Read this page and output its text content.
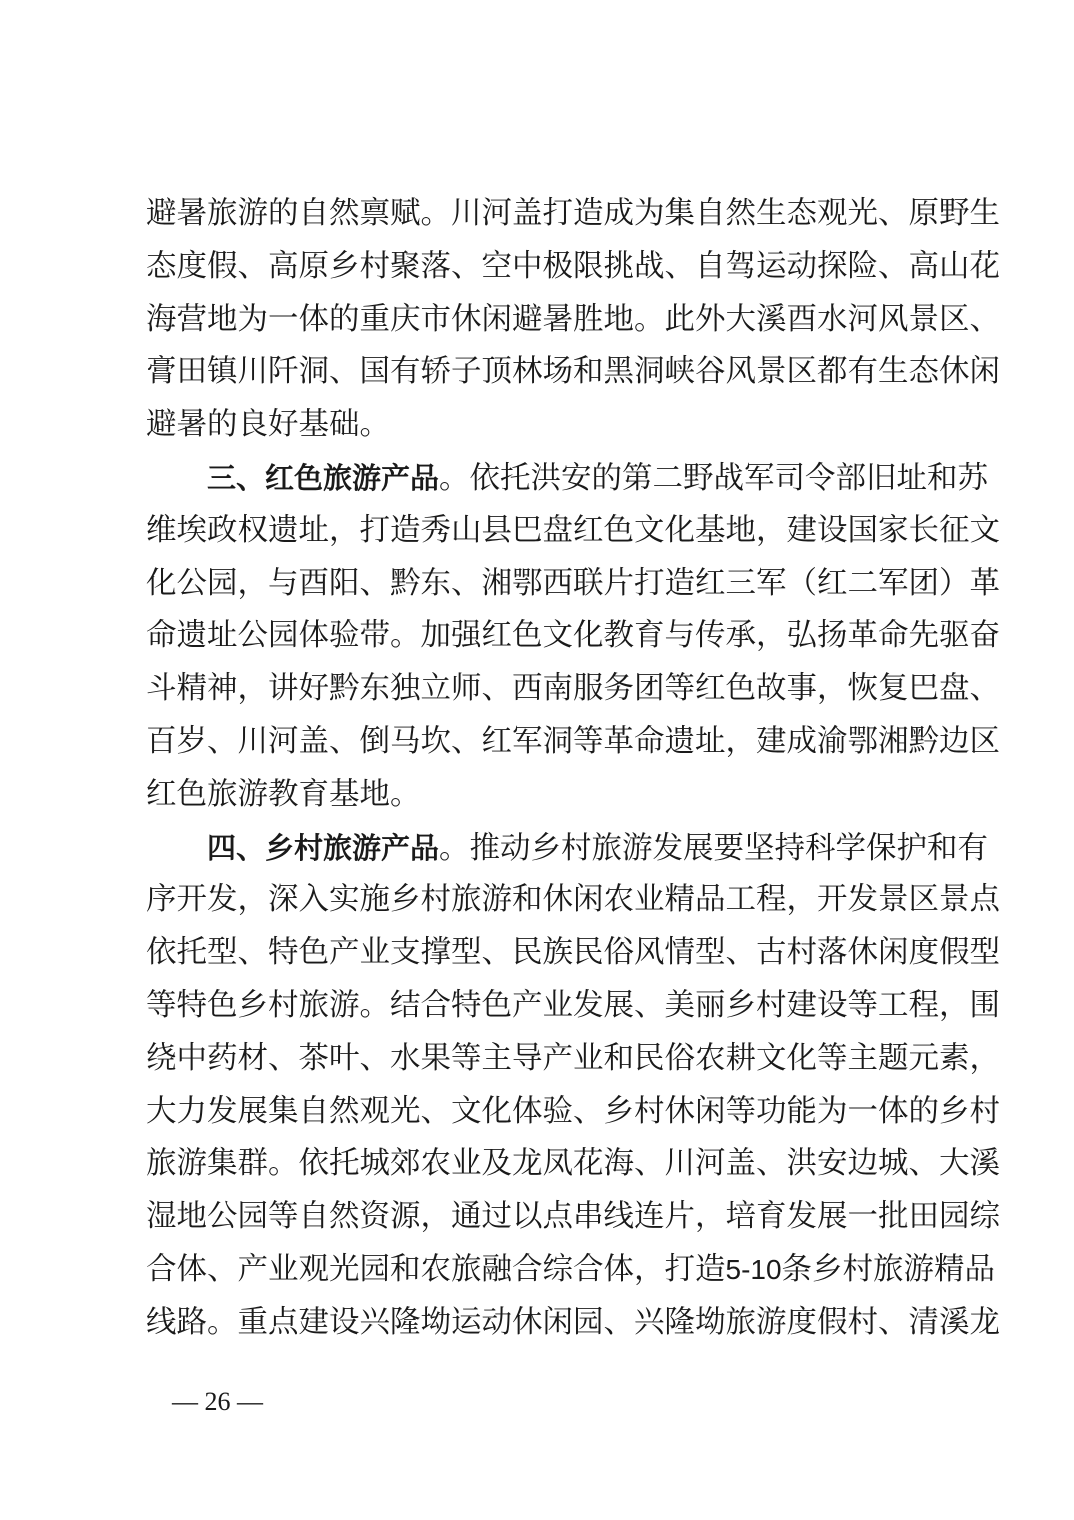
避暑旅游的自然禀赋。川河盖打造成为集自然生态观光、原野生
态度假、高原乡村聚落、空中极限挑战、自驾运动探险、高山花
海营地为一体的重庆市休闲避暑胜地。此外大溪酉水河风景区、
膏田镇川阡洞、国有轿子顶林场和黑洞峡谷风景区都有生态休闲
避暑的良好基础。
　　三、红色旅游产品。依托洪安的第二野战军司令部旧址和苏
维埃政权遗址，打造秀山县巴盘红色文化基地，建设国家长征文
化公园，与酉阳、黔东、湘鄂西联片打造红三军（红二军团）革
命遗址公园体验带。加强红色文化教育与传承，弘扬革命先驱奋
斗精神，讲好黔东独立师、西南服务团等红色故事，恢复巴盘、
百岁、川河盖、倒马坎、红军洞等革命遗址，建成渝鄂湘黔边区
红色旅游教育基地。
　　四、乡村旅游产品。推动乡村旅游发展要坚持科学保护和有
序开发，深入实施乡村旅游和休闲农业精品工程，开发景区景点
依托型、特色产业支撑型、民族民俗风情型、古村落休闲度假型
等特色乡村旅游。结合特色产业发展、美丽乡村建设等工程，围
绕中药材、茶叶、水果等主导产业和民俗农耕文化等主题元素，
大力发展集自然观光、文化体验、乡村休闲等功能为一体的乡村
旅游集群。依托城郊农业及龙凤花海、川河盖、洪安边城、大溪
湿地公园等自然资源，通过以点串线连片，培育发展一批田园综
合体、产业观光园和农旅融合综合体，打造5-10条乡村旅游精品
线路。重点建设兴隆坳运动休闲园、兴隆坳旅游度假村、清溪龙
— 26 —
